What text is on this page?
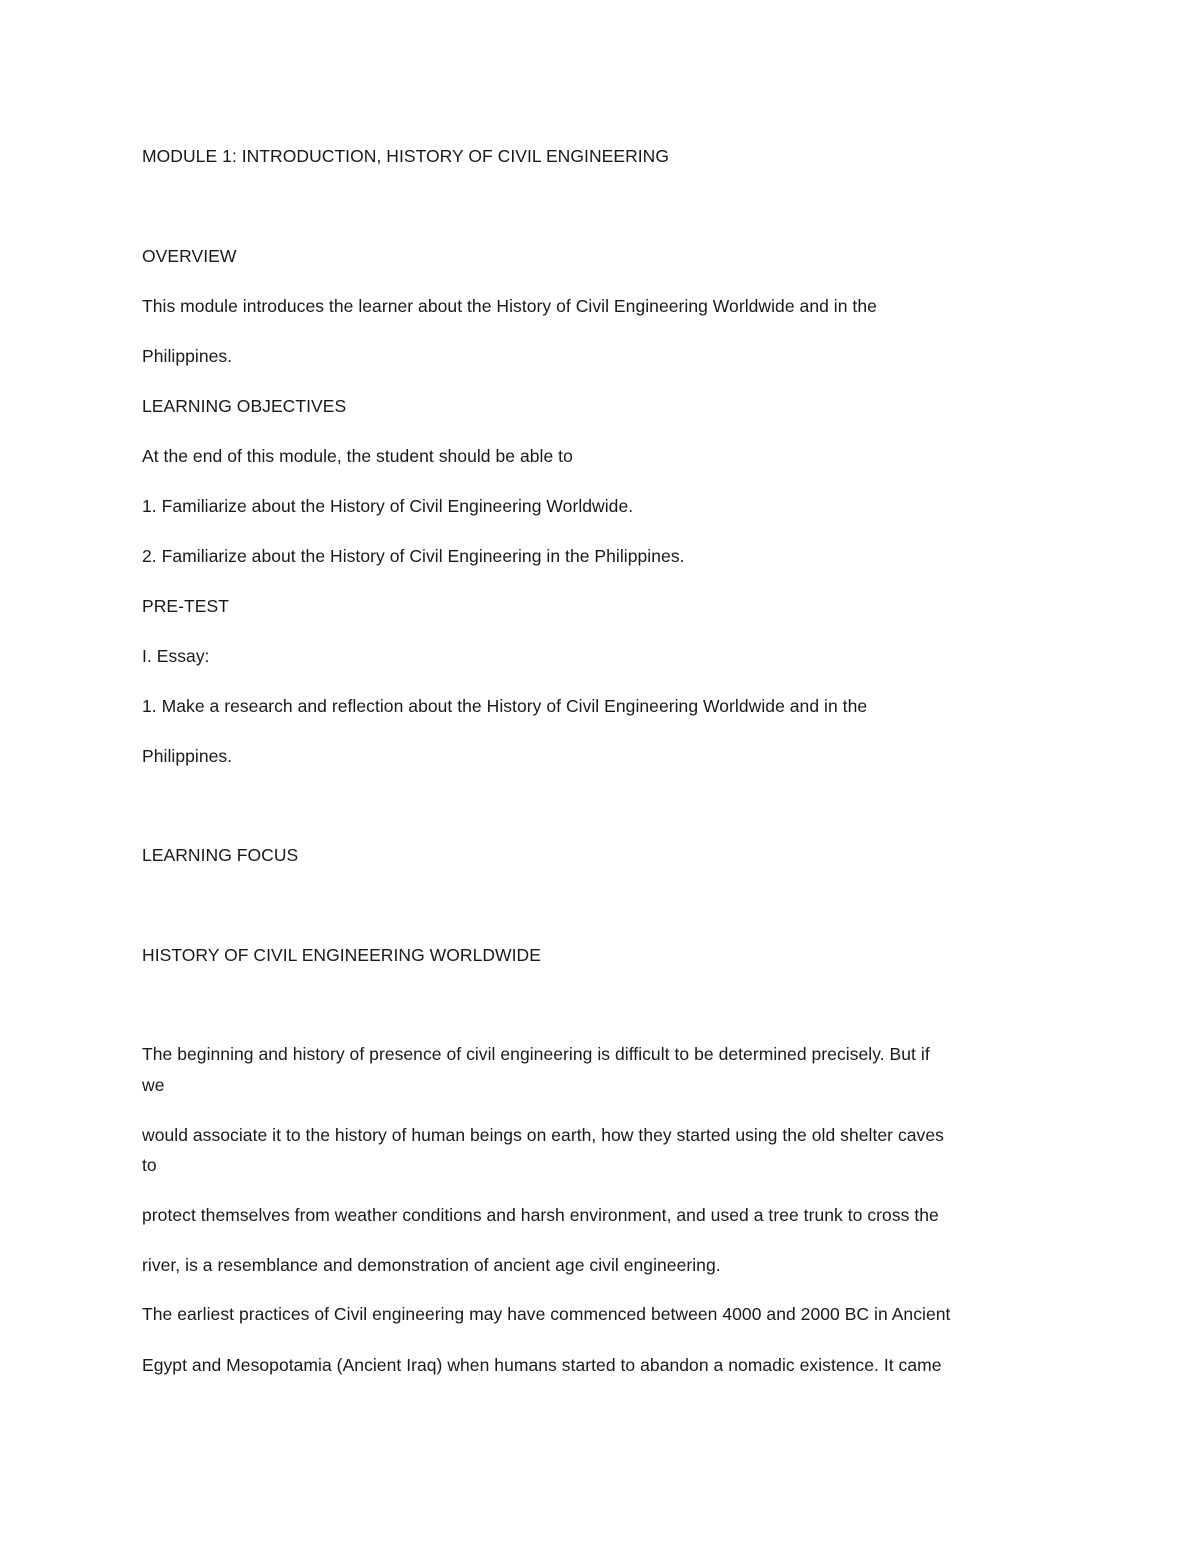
MODULE 1: INTRODUCTION, HISTORY OF CIVIL ENGINEERING
OVERVIEW
This module introduces the learner about the History of Civil Engineering Worldwide and in the
Philippines.
LEARNING OBJECTIVES
At the end of this module, the student should be able to
1. Familiarize about the History of Civil Engineering Worldwide.
2. Familiarize about the History of Civil Engineering in the Philippines.
PRE-TEST
I. Essay:
1. Make a research and reflection about the History of Civil Engineering Worldwide and in the
Philippines.
LEARNING FOCUS
HISTORY OF CIVIL ENGINEERING WORLDWIDE
The beginning and history of presence of civil engineering is difficult to be determined precisely. But if
we
would associate it to the history of human beings on earth, how they started using the old shelter caves
to
protect themselves from weather conditions and harsh environment, and used a tree trunk to cross the
river, is a resemblance and demonstration of ancient age civil engineering.
The earliest practices of Civil engineering may have commenced between 4000 and 2000 BC in Ancient
Egypt and Mesopotamia (Ancient Iraq) when humans started to abandon a nomadic existence. It came
